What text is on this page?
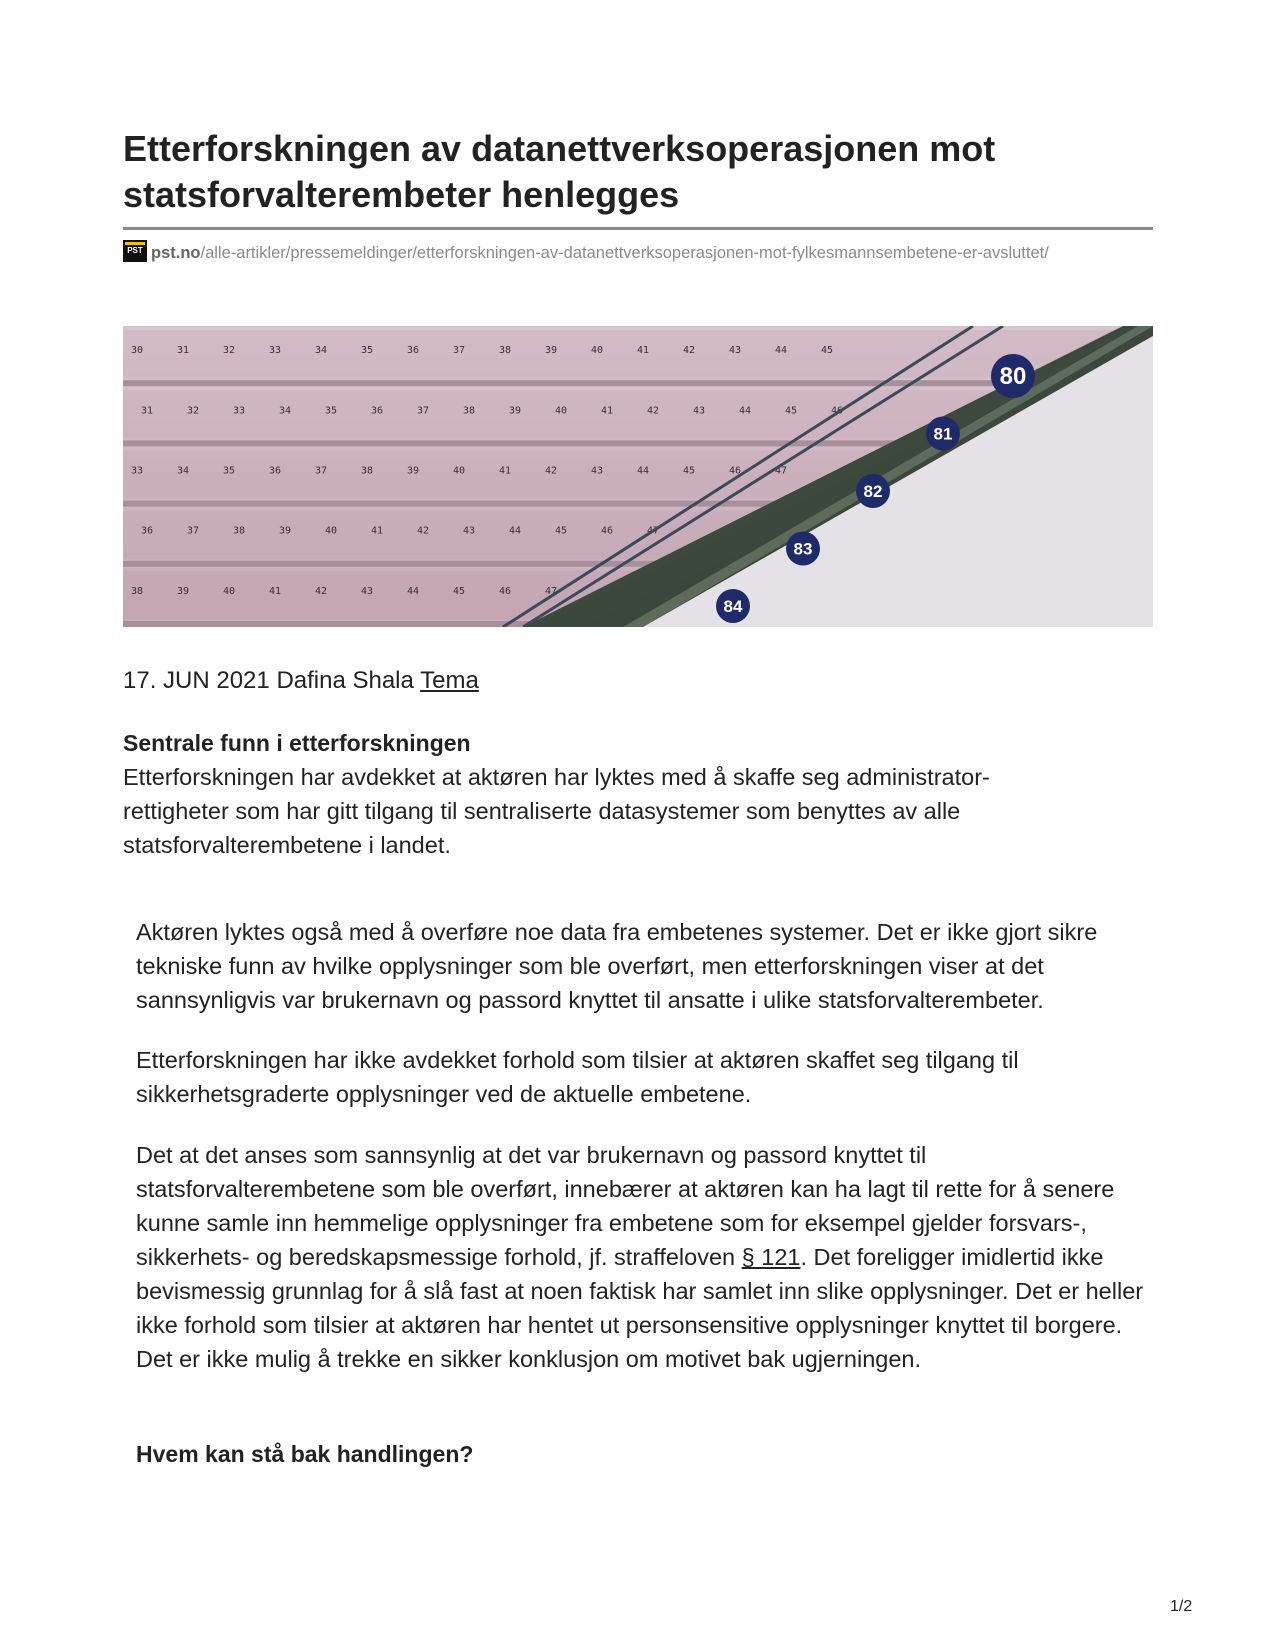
Etterforskningen av datanettverksoperasjonen mot statsforvalterembeter henlegges
PST pst.no/alle-artikler/pressemeldinger/etterforskningen-av-datanettverksoperasjonen-mot-fylkesmannsembetene-er-avsluttet/
30	31	32	33	34	35	36	37	38	39	40	41	42	43	44	45
31	32	33	34	35	36	37	38	39	40	41	42	43	44	45	46
33	34	35	36	37	38	39	40	41	42	43	44	45	46	47
36	37	38	39	40	41	42	43	44	45	46	47
38	39	40	41	42	43	44	45	46	47
80
81
82
83
84
17. JUN 2021 Dafina Shala Tema
Sentrale funn i etterforskningen

Etterforskningen har avdekket at aktøren har lyktes med å skaffe seg administrator-rettigheter som har gitt tilgang til sentraliserte datasystemer som benyttes av alle statsforvalterembetene i landet.

Aktøren lyktes også med å overføre noe data fra embetenes systemer. Det er ikke gjort sikre tekniske funn av hvilke opplysninger som ble overført, men etterforskningen viser at det sannsynligvis var brukernavn og passord knyttet til ansatte i ulike statsforvalterembeter.

Etterforskningen har ikke avdekket forhold som tilsier at aktøren skaffet seg tilgang til sikkerhetsgraderte opplysninger ved de aktuelle embetene.

Det at det anses som sannsynlig at det var brukernavn og passord knyttet til statsforvalterembetene som ble overført, innebærer at aktøren kan ha lagt til rette for å senere kunne samle inn hemmelige opplysninger fra embetene som for eksempel gjelder forsvars-, sikkerhets- og beredskapsmessige forhold, jf. straffeloven § 121. Det foreligger imidlertid ikke bevismessig grunnlag for å slå fast at noen faktisk har samlet inn slike opplysninger. Det er heller ikke forhold som tilsier at aktøren har hentet ut personsensitive opplysninger knyttet til borgere. Det er ikke mulig å trekke en sikker konklusjon om motivet bak ugjerningen.

Hvem kan stå bak handlingen?
1/2
